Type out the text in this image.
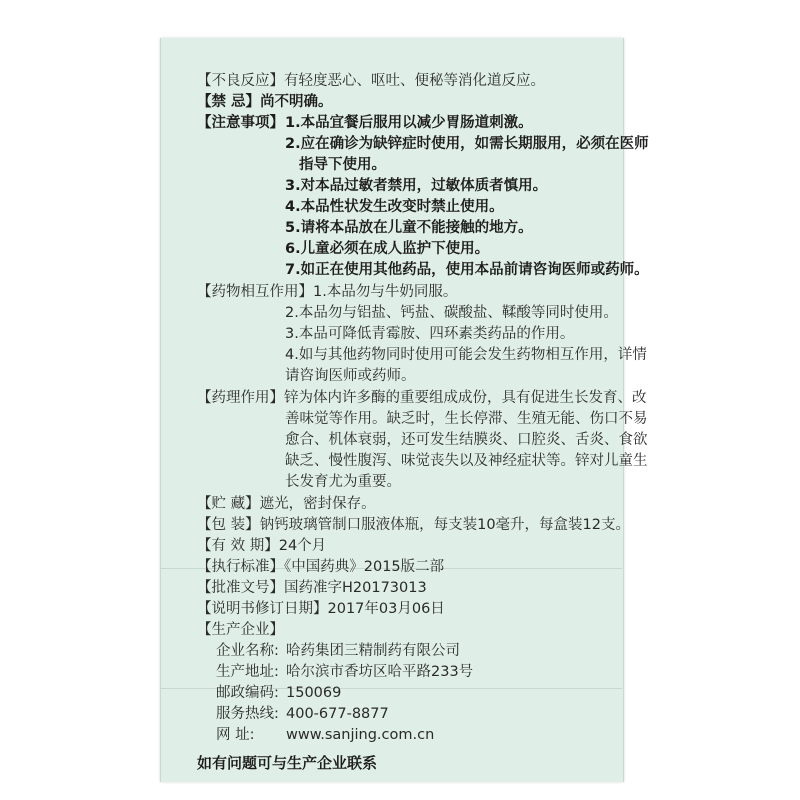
【不良反应】有轻度恶心、呕吐、便秘等消化道反应。
【禁 忌】尚不明确。
【注意事项】 1.本品宜餐后服用以减少胃肠道刺激。
2.应在确诊为缺锌症时使用，如需长期服用，必须在医师
指导下使用。
3.对本品过敏者禁用，过敏体质者慎用。
4.本品性状发生改变时禁止使用。
5.请将本品放在儿童不能接触的地方。
6.儿童必须在成人监护下使用。
7.如正在使用其他药品，使用本品前请咨询医师或药师。
【药物相互作用】1.本品勿与牛奶同服。
2.本品勿与铝盐、钙盐、碳酸盐、鞣酸等同时使用。
3.本品可降低青霉胺、四环素类药品的作用。
4.如与其他药物同时使用可能会发生药物相互作用，详情
请咨询医师或药师。
【药理作用】锌为体内许多酶的重要组成成份，具有促进生长发育、改
善味觉等作用。缺乏时，生长停滞、生殖无能、伤口不易
愈合、机体衰弱，还可发生结膜炎、口腔炎、舌炎、食欲
缺乏、慢性腹泻、味觉丧失以及神经症状等。锌对儿童生
长发育尤为重要。
【贮 藏】遮光，密封保存。
【包 装】钠钙玻璃管制口服液体瓶，每支装10毫升，每盒装12支。
【有 效 期】24个月
【执行标准】《中国药典》2015版二部
【批准文号】国药准字H20173013
【说明书修订日期】2017年03月06日
【生产企业】
企业名称: 哈药集团三精制药有限公司
生产地址: 哈尔滨市香坊区哈平路233号
邮政编码: 150069
服务热线: 400-677-8877
网 址: www.sanjing.com.cn
如有问题可与生产企业联系
